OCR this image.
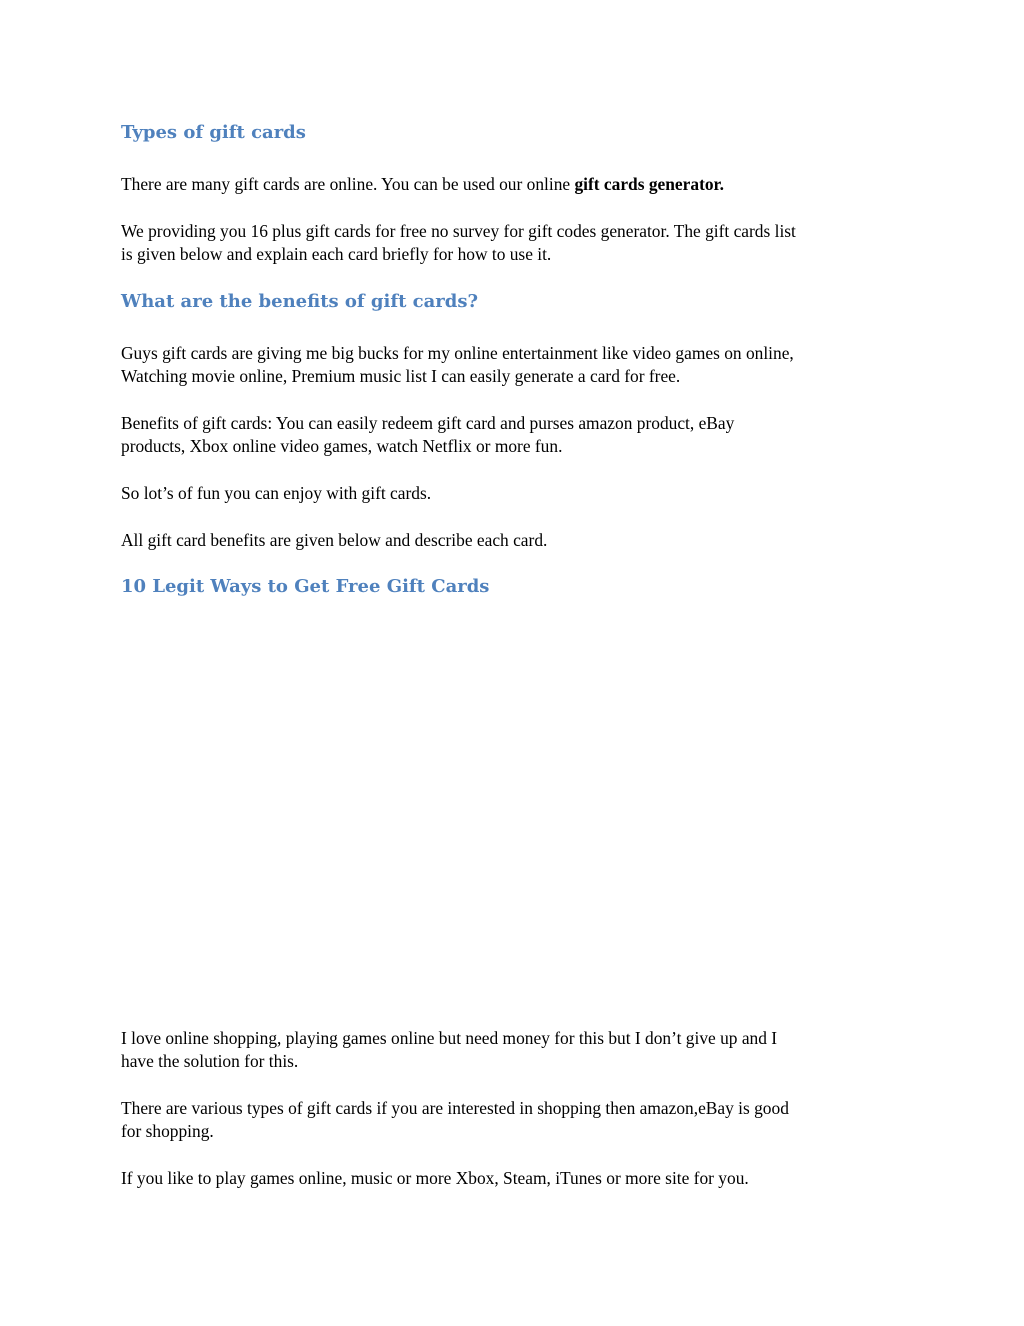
Types of gift cards

There are many gift cards are online. You can be used our online gift cards generator.

We providing you 16 plus gift cards for free no survey for gift codes generator. The gift cards list
is given below and explain each card briefly for how to use it.

What are the benefits of gift cards?

Guys gift cards are giving me big bucks for my online entertainment like video games on online,
Watching movie online, Premium music list I can easily generate a card for free.

Benefits of gift cards: You can easily redeem gift card and purses amazon product, eBay
products, Xbox online video games, watch Netflix or more fun.

So lot’s of fun you can enjoy with gift cards.

All gift card benefits are given below and describe each card.

10 Legit Ways to Get Free Gift Cards

I love online shopping, playing games online but need money for this but I don’t give up and I
have the solution for this.

There are various types of gift cards if you are interested in shopping then amazon,eBay is good
for shopping.

If you like to play games online, music or more Xbox, Steam, iTunes or more site for you.
